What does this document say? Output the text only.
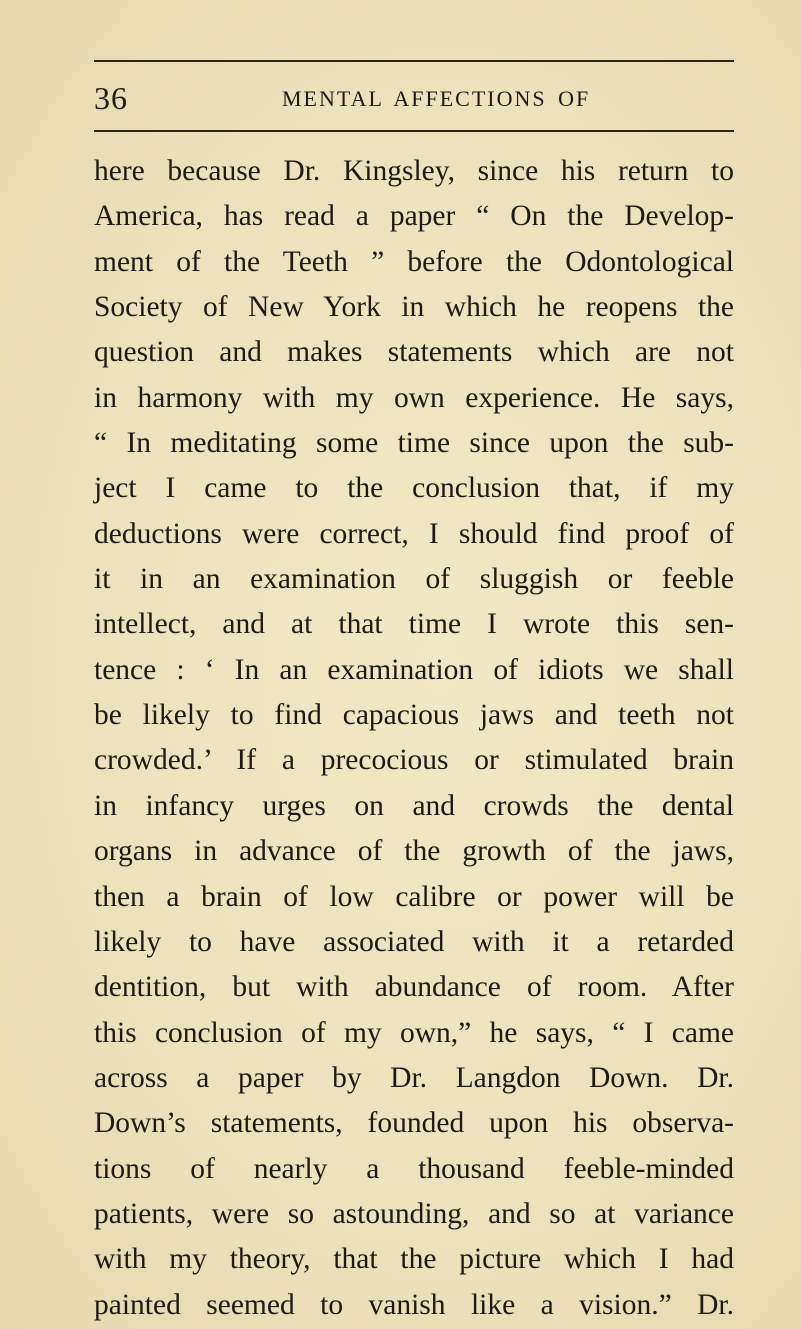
36	MENTAL AFFECTIONS OF
here because Dr. Kingsley, since his return to
America, has read a paper “ On the Develop-
ment of the Teeth ” before the Odontological
Society of New York in which he reopens the
question and makes statements which are not
in harmony with my own experience. He says,
“ In meditating some time since upon the sub-
ject I came to the conclusion that, if my
deductions were correct, I should find proof of
it in an examination of sluggish or feeble
intellect, and at that time I wrote this sen-
tence : ‘ In an examination of idiots we shall
be likely to find capacious jaws and teeth not
crowded.’ If a precocious or stimulated brain
in infancy urges on and crowds the dental
organs in advance of the growth of the jaws,
then a brain of low calibre or power will be
likely to have associated with it a retarded
dentition, but with abundance of room. After
this conclusion of my own,” he says, “ I came
across a paper by Dr. Langdon Down. Dr.
Down’s statements, founded upon his observa-
tions of nearly a thousand feeble-minded
patients, were so astounding, and so at variance
with my theory, that the picture which I had
painted seemed to vanish like a vision.” Dr.
